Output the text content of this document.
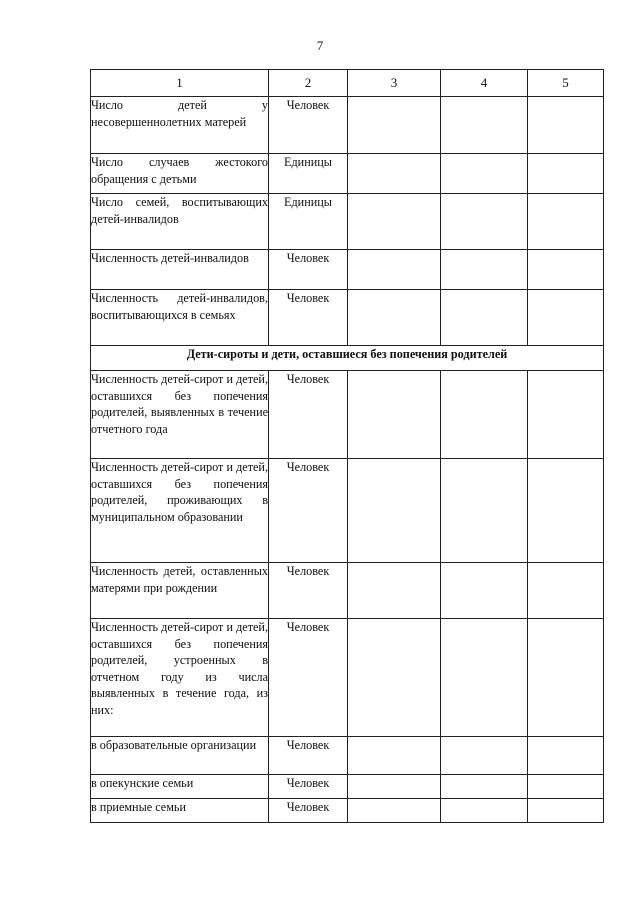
7
1	2	3	4	5
Число детей у несовершеннолетних матерей	Человек			
Число случаев жестокого обращения с детьми	Единицы			
Число семей, воспитывающих детей-инвалидов	Единицы			
Численность детей-инвалидов	Человек			
Численность детей-инвалидов, воспитывающихся в семьях	Человек			
Дети-сироты и дети, оставшиеся без попечения родителей				
Численность детей-сирот и детей, оставшихся без попечения родителей, выявленных в течение отчетного года	Человек			
Численность детей-сирот и детей, оставшихся без попечения родителей, проживающих в муниципальном образовании	Человек			
Численность детей, оставленных матерями при рождении	Человек			
Численность детей-сирот и детей, оставшихся без попечения родителей, устроенных в отчетном году из числа выявленных в течение года, из них:	Человек			
в образовательные организации	Человек			
в опекунские семьи	Человек			
в приемные семьи	Человек			
